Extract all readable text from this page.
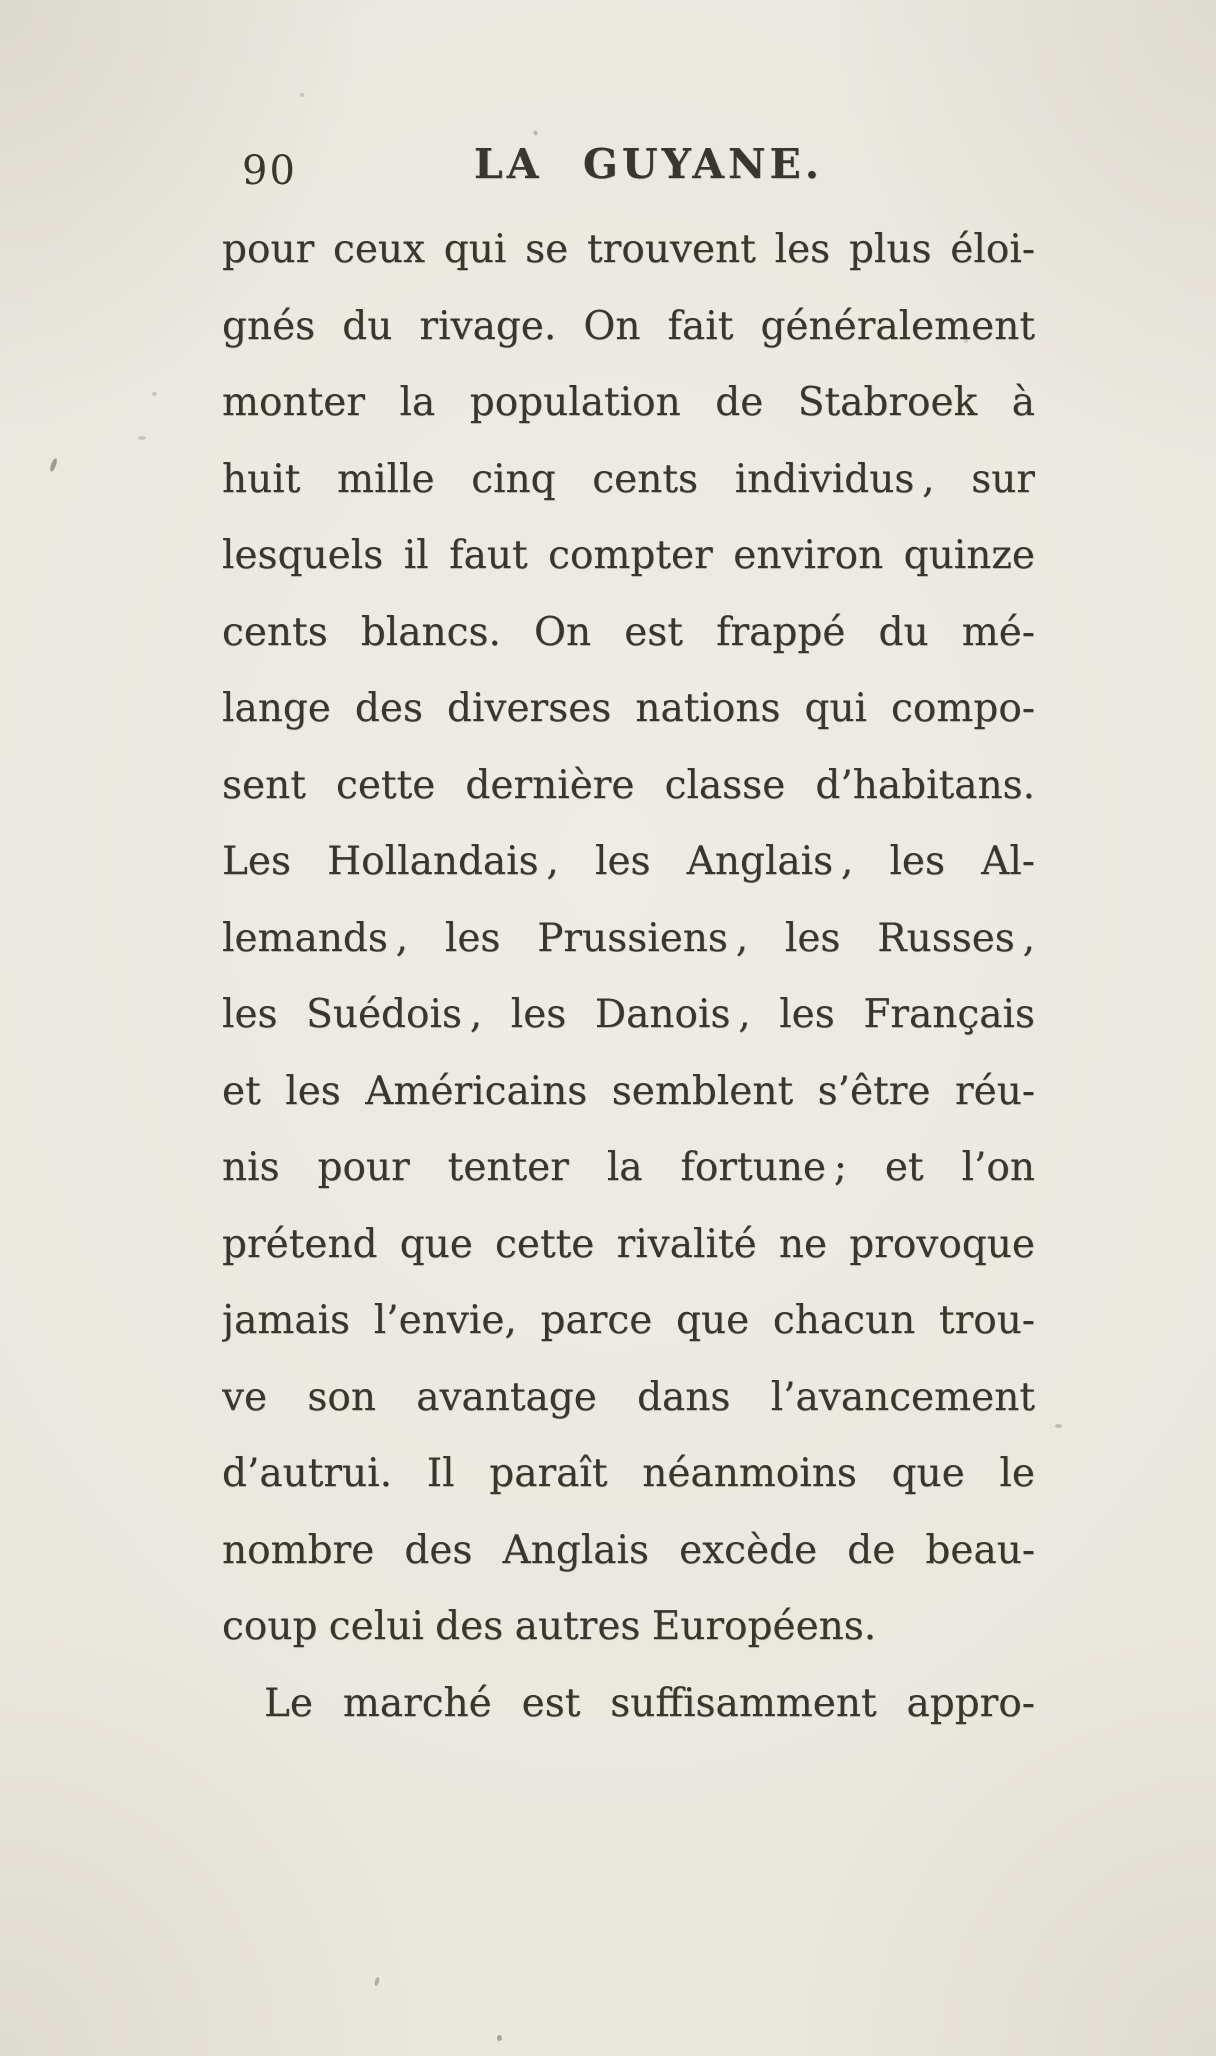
90	LA GUYANE.
pour ceux qui se trouvent les plus éloi-
gnés du rivage. On fait généralement
monter la population de Stabroek à
huit mille cinq cents individus , sur
lesquels il faut compter environ quinze
cents blancs. On est frappé du mé-
lange des diverses nations qui compo-
sent cette dernière classe d’habitans.
Les Hollandais , les Anglais , les Al-
lemands , les Prussiens , les Russes ,
les Suédois , les Danois , les Français
et les Américains semblent s’être réu-
nis pour tenter la fortune ; et l’on
prétend que cette rivalité ne provoque
jamais l’envie, parce que chacun trou-
ve son avantage dans l’avancement
d’autrui. Il paraît néanmoins que le
nombre des Anglais excède de beau-
coup celui des autres Européens.
Le marché est suffisamment appro-
